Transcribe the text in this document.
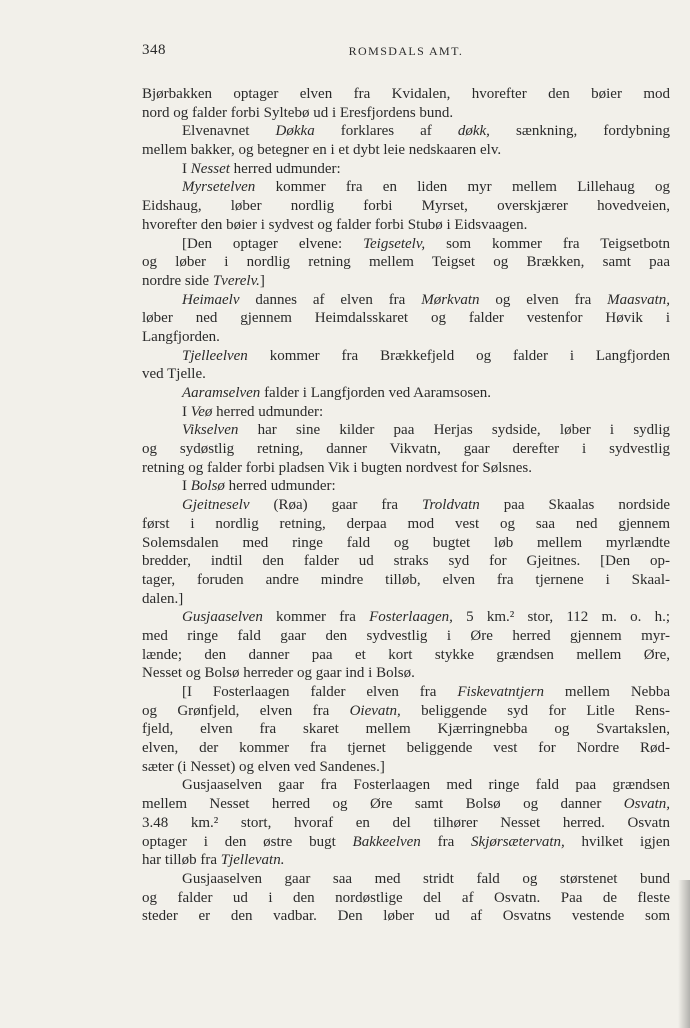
348	ROMSDALS AMT.
Bjørbakken optager elven fra Kvidalen, hvorefter den bøier mod
nord og falder forbi Syltebø ud i Eresfjordens bund.
Elvenavnet Døkka forklares af døkk, sænkning, fordybning
mellem bakker, og betegner en i et dybt leie nedskaaren elv.
I Nesset herred udmunder:
Myrsetelven kommer fra en liden myr mellem Lillehaug og
Eidshaug, løber nordlig forbi Myrset, overskjærer hovedveien,
hvorefter den bøier i sydvest og falder forbi Stubø i Eidsvaagen.
[Den optager elvene: Teigsetelv, som kommer fra Teigsetbotn
og løber i nordlig retning mellem Teigset og Brækken, samt paa
nordre side Tverelv.]
Heimaelv dannes af elven fra Mørkvatn og elven fra Maasvatn,
løber ned gjennem Heimdalsskaret og falder vestenfor Høvik i
Langfjorden.
Tjelleelven kommer fra Brækkefjeld og falder i Langfjorden
ved Tjelle.
Aaramselven falder i Langfjorden ved Aaramsosen.
I Veø herred udmunder:
Vikselven har sine kilder paa Herjas sydside, løber i sydlig
og sydøstlig retning, danner Vikvatn, gaar derefter i sydvestlig
retning og falder forbi pladsen Vik i bugten nordvest for Sølsnes.
I Bolsø herred udmunder:
Gjeitneselv (Røa) gaar fra Troldvatn paa Skaalas nordside
først i nordlig retning, derpaa mod vest og saa ned gjennem
Solemsdalen med ringe fald og bugtet løb mellem myrlændte
bredder, indtil den falder ud straks syd for Gjeitnes. [Den op-
tager, foruden andre mindre tilløb, elven fra tjernene i Skaal-
dalen.]
Gusjaaselven kommer fra Fosterlaagen, 5 km.² stor, 112 m. o. h.;
med ringe fald gaar den sydvestlig i Øre herred gjennem myr-
lænde; den danner paa et kort stykke grændsen mellem Øre,
Nesset og Bolsø herreder og gaar ind i Bolsø.
[I Fosterlaagen falder elven fra Fiskevatntjern mellem Nebba
og Grønfjeld, elven fra Oievatn, beliggende syd for Litle Rens-
fjeld, elven fra skaret mellem Kjærringnebba og Svartakslen,
elven, der kommer fra tjernet beliggende vest for Nordre Rød-
sæter (i Nesset) og elven ved Sandenes.]
Gusjaaselven gaar fra Fosterlaagen med ringe fald paa grændsen
mellem Nesset herred og Øre samt Bolsø og danner Osvatn,
3.48 km.² stort, hvoraf en del tilhører Nesset herred. Osvatn
optager i den østre bugt Bakkeelven fra Skjørsætervatn, hvilket igjen
har tilløb fra Tjellevatn.
Gusjaaselven gaar saa med stridt fald og størstenet bund
og falder ud i den nordøstlige del af Osvatn. Paa de fleste
steder er den vadbar. Den løber ud af Osvatns vestende som
